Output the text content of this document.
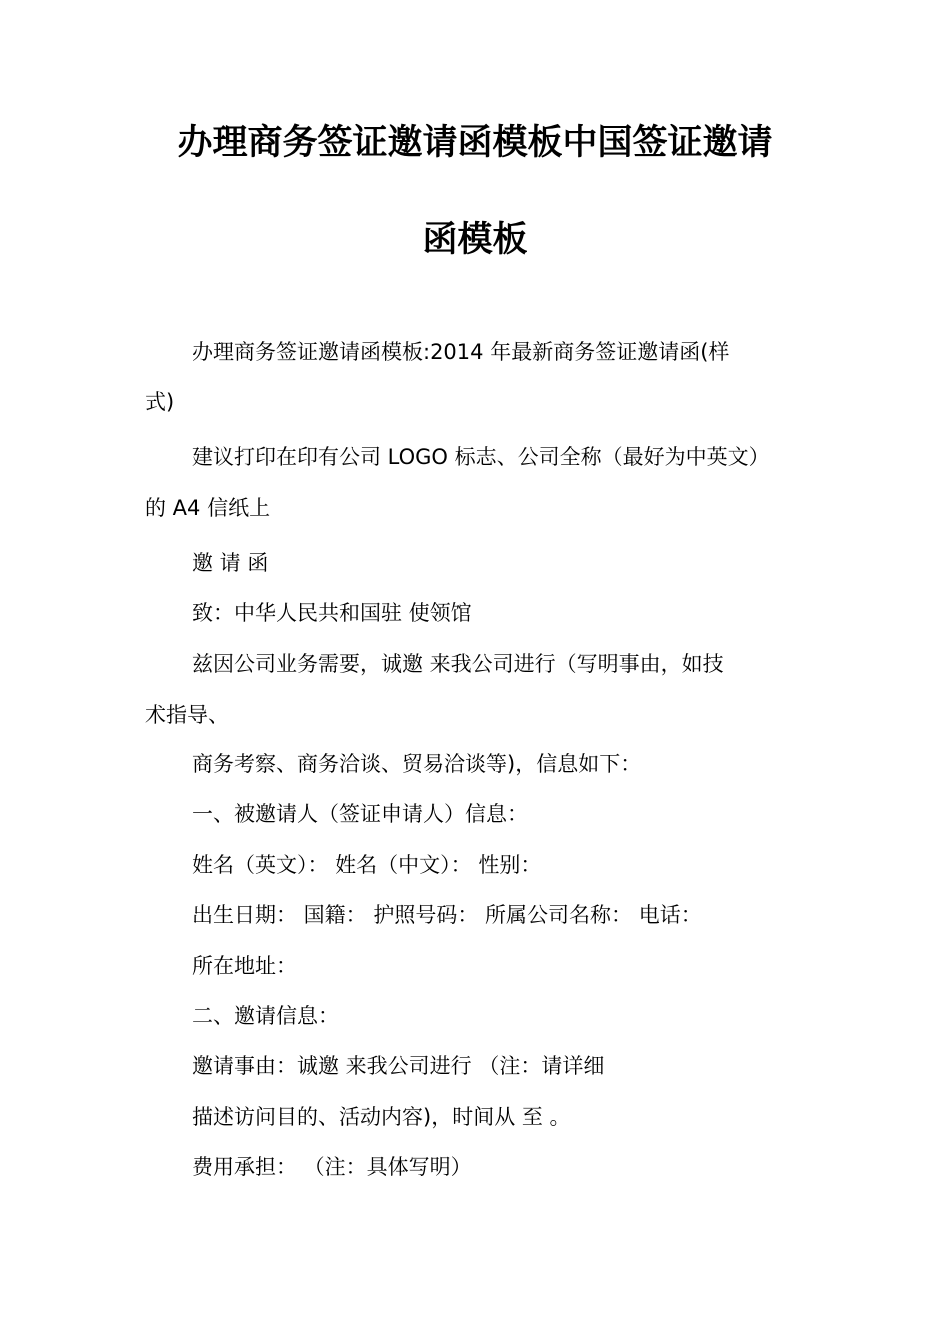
办理商务签证邀请函模板中国签证邀请
函模板
办理商务签证邀请函模板:2014 年最新商务签证邀请函(样
式)
建议打印在印有公司 LOGO 标志、公司全称（最好为中英文）
的 A4 信纸上
邀 请 函
致：中华人民共和国驻 使领馆
兹因公司业务需要，诚邀 来我公司进行（写明事由，如技
术指导、
商务考察、商务洽谈、贸易洽谈等)，信息如下：
一、被邀请人（签证申请人）信息：
姓名（英文）： 姓名（中文）： 性别：
出生日期： 国籍： 护照号码： 所属公司名称： 电话：
所在地址：
二、邀请信息：
邀请事由：诚邀 来我公司进行 （注：请详细
描述访问目的、活动内容)，时间从 至 。
费用承担： （注：具体写明）
